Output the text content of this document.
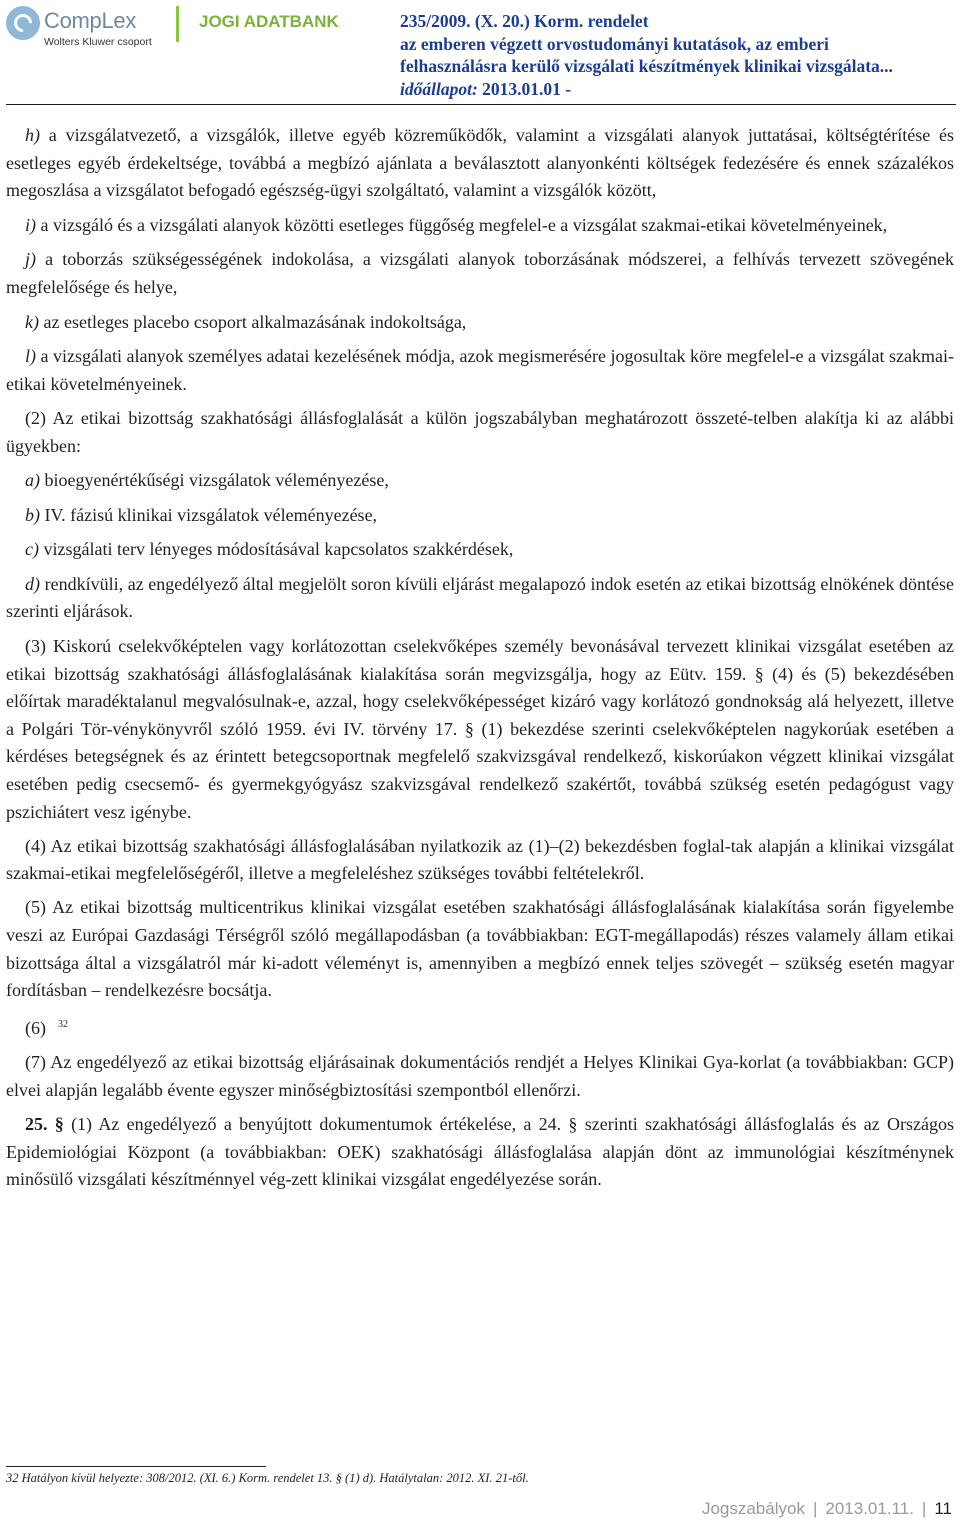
CompLex
Wolters Kluwer csoport
JOGI ADATBANK	235/2009. (X. 20.) Korm. rendelet
az emberen végzett orvostudományi kutatások, az emberi
felhasználásra kerülő vizsgálati készítmények klinikai vizsgálata...
időállapot: 2013.01.01 -

h) a vizsgálatvezető, a vizsgálók, illetve egyéb közreműködők, valamint a vizsgálati alanyok juttatásai, költségtérítése és esetleges egyéb érdekeltsége, továbbá a megbízó ajánlata a beválasztott alanyonkénti költségek fedezésére és ennek százalékos megoszlása a vizsgálatot befogadó egészség-ügyi szolgáltató, valamint a vizsgálók között,

i) a vizsgáló és a vizsgálati alanyok közötti esetleges függőség megfelel-e a vizsgálat szakmai-etikai követelményeinek,

j) a toborzás szükségességének indokolása, a vizsgálati alanyok toborzásának módszerei, a felhívás tervezett szövegének megfelelősége és helye,

k) az esetleges placebo csoport alkalmazásának indokoltsága,

l) a vizsgálati alanyok személyes adatai kezelésének módja, azok megismerésére jogosultak köre megfelel-e a vizsgálat szakmai-etikai követelményeinek.

(2) Az etikai bizottság szakhatósági állásfoglalását a külön jogszabályban meghatározott összeté-telben alakítja ki az alábbi ügyekben:

a) bioegyenértékűségi vizsgálatok véleményezése,

b) IV. fázisú klinikai vizsgálatok véleményezése,

c) vizsgálati terv lényeges módosításával kapcsolatos szakkérdések,

d) rendkívüli, az engedélyező által megjelölt soron kívüli eljárást megalapozó indok esetén az etikai bizottság elnökének döntése szerinti eljárások.

(3) Kiskorú cselekvőképtelen vagy korlátozottan cselekvőképes személy bevonásával tervezett klinikai vizsgálat esetében az etikai bizottság szakhatósági állásfoglalásának kialakítása során megvizsgálja, hogy az Eütv. 159. § (4) és (5) bekezdésében előírtak maradéktalanul megvalósulnak-e, azzal, hogy cselekvőképességet kizáró vagy korlátozó gondnokság alá helyezett, illetve a Polgári Tör-vénykönyvről szóló 1959. évi IV. törvény 17. § (1) bekezdése szerinti cselekvőképtelen nagykorúak esetében a kérdéses betegségnek és az érintett betegcsoportnak megfelelő szakvizsgával rendelkező, kiskorúakon végzett klinikai vizsgálat esetében pedig csecsemő- és gyermekgyógyász szakvizsgával rendelkező szakértőt, továbbá szükség esetén pedagógust vagy pszichiátert vesz igénybe.

(4) Az etikai bizottság szakhatósági állásfoglalásában nyilatkozik az (1)–(2) bekezdésben foglal-tak alapján a klinikai vizsgálat szakmai-etikai megfelelőségéről, illetve a megfeleléshez szükséges további feltételekről.

(5) Az etikai bizottság multicentrikus klinikai vizsgálat esetében szakhatósági állásfoglalásának kialakítása során figyelembe veszi az Európai Gazdasági Térségről szóló megállapodásban (a továbbiakban: EGT-megállapodás) részes valamely állam etikai bizottsága által a vizsgálatról már ki-adott véleményt is, amennyiben a megbízó ennek teljes szövegét – szükség esetén magyar fordításban – rendelkezésre bocsátja.

(6) $^{32}$

(7) Az engedélyező az etikai bizottság eljárásainak dokumentációs rendjét a Helyes Klinikai Gya-korlat (a továbbiakban: GCP) elvei alapján legalább évente egyszer minőségbiztosítási szempontból ellenőrzi.

25. § (1) Az engedélyező a benyújtott dokumentumok értékelése, a 24. § szerinti szakhatósági állásfoglalás és az Országos Epidemiológiai Központ (a továbbiakban: OEK) szakhatósági állásfoglalása alapján dönt az immunológiai készítménynek minősülő vizsgálati készítménnyel vég-zett klinikai vizsgálat engedélyezése során.

32 Hatályon kívül helyezte: 308/2012. (XI. 6.) Korm. rendelet 13. § (1) d). Hatálytalan: 2012. XI. 21-től.
Jogszabályok | 2013.01.11. | 11
